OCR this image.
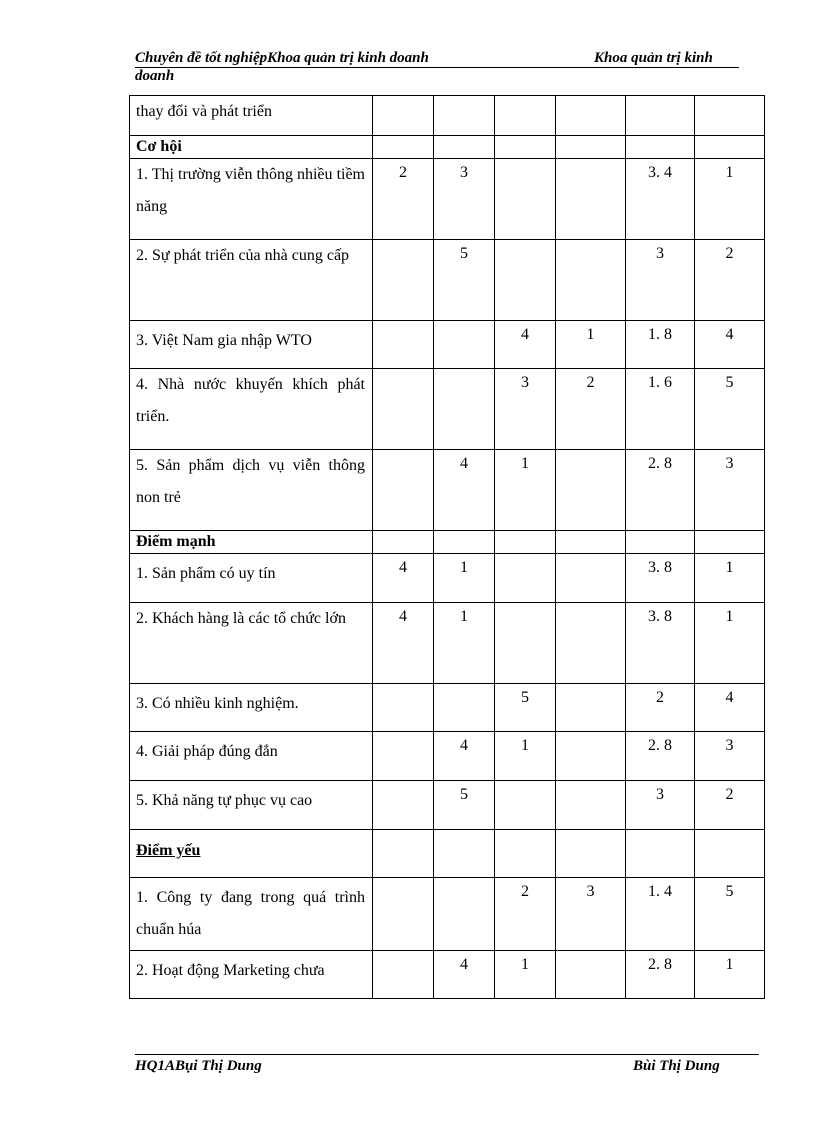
Chuyên đề tốt nghiệpKhoa quản trị kinh doanh	Khoa quản trị kinh
doanh
thay đổi và phát triển						
Cơ hội						
1. Thị trường viễn thông nhiều tiềm năng	2	3			3. 4	1
2. Sự phát triển của nhà cung cấp		5			3	2
3. Việt Nam gia nhập WTO			4	1	1. 8	4
4. Nhà nước khuyến khích phát triển.			3	2	1. 6	5
5. Sản phẩm dịch vụ viễn thông non trẻ		4	1		2. 8	3
Điểm mạnh						
1. Sản phẩm có uy tín	4	1			3. 8	1
2. Khách hàng là các tổ chức lớn	4	1			3. 8	1
3. Có nhiều kinh nghiệm.			5		2	4
4. Giải pháp đúng đắn		4	1		2. 8	3
5. Khả năng tự phục vụ cao		5			3	2
Điểm yếu						
1. Công ty đang trong quá trình chuẩn húa			2	3	1. 4	5
2. Hoạt động Marketing chưa		4	1		2. 8	1
HQ1ABụi Thị Dung	Bùi Thị Dung
